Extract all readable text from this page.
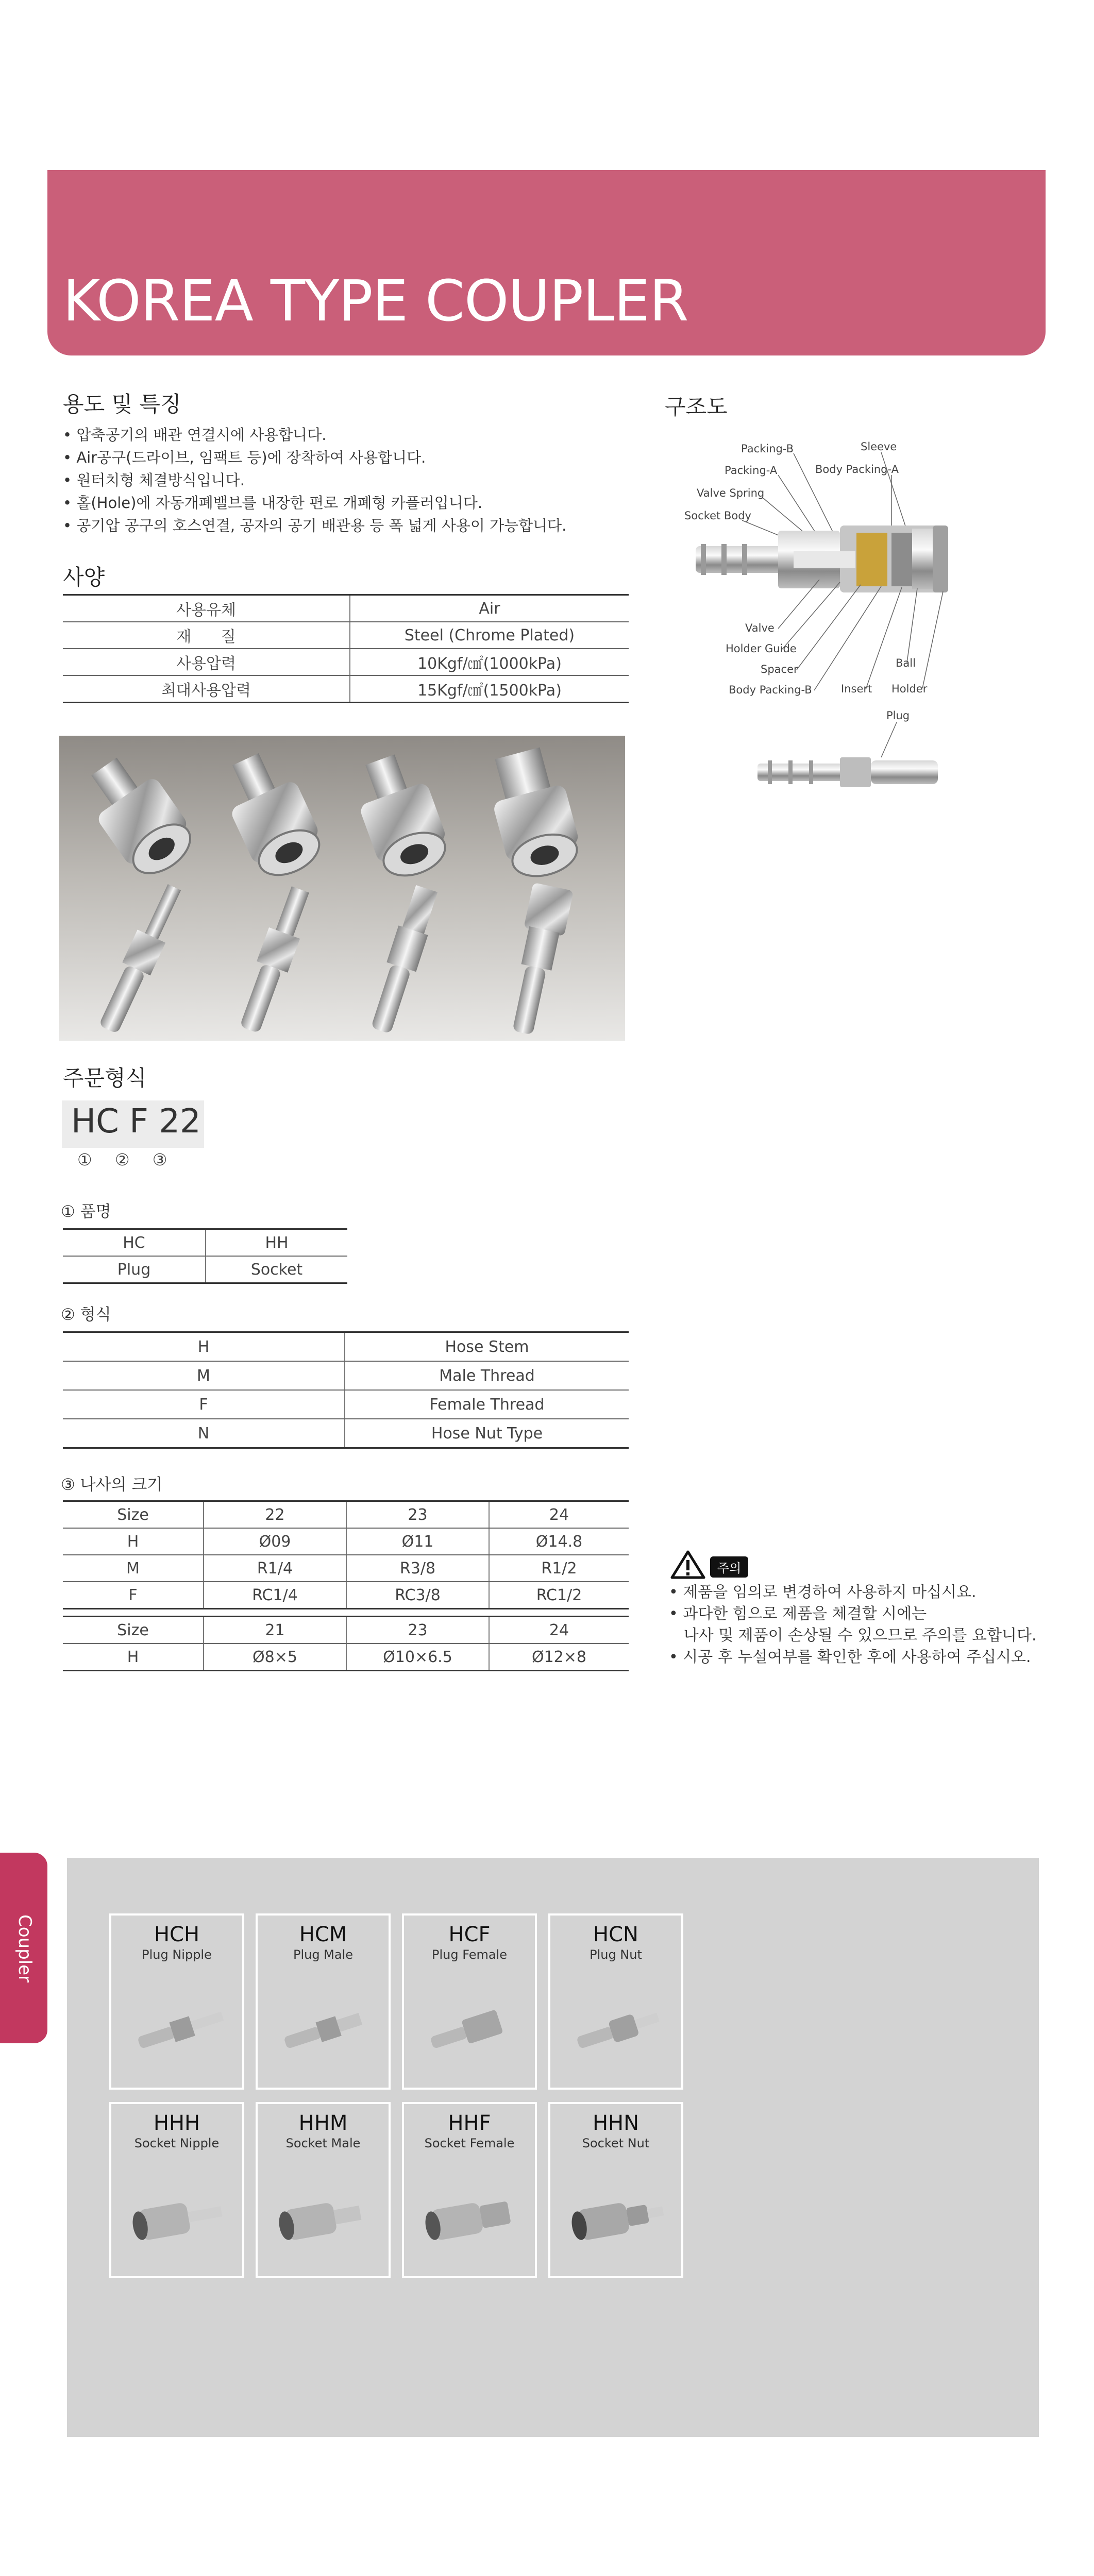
KOREA TYPE COUPLER
용도 및 특징
• 압축공기의 배관 연결시에 사용합니다.
• Air공구(드라이브, 임팩트 등)에 장착하여 사용합니다.
• 원터치형 체결방식입니다.
• 홀(Hole)에 자동개폐밸브를 내장한 편로 개폐형 카플러입니다.
• 공기압 공구의 호스연결, 공자의 공기 배관용 등 폭 넓게 사용이 가능합니다.
사양
사용유체	Air
재      질	Steel (Chrome Plated)
사용압력	10Kgf/㎠(1000kPa)
최대사용압력	15Kgf/㎠(1500kPa)
구조도
Packing-B	Sleeve
Packing-A	Body Packing-A
Valve Spring
Socket Body
Valve
Holder Guide
Spacer	Ball
Body Packing-B	Insert Holder
Plug
주문형식
HC F 22
① ② ③
① 품명
HC	HH
Plug	Socket
② 형식
H	Hose Stem
M	Male Thread
F	Female Thread
N	Hose Nut Type
③ 나사의 크기
Size	22	23	24
H	Ø09	Ø11	Ø14.8
M	R1/4	R3/8	R1/2
F	RC1/4	RC3/8	RC1/2
Size	21	23	24
H	Ø8×5	Ø10×6.5	Ø12×8
주의
• 제품을 임의로 변경하여 사용하지 마십시요.
• 과다한 힘으로 제품을 체결할 시에는
나사 및 제품이 손상될 수 있으므로 주의를 요합니다.
• 시공 후 누설여부를 확인한 후에 사용하여 주십시오.
Coupler	HCH
Plug Nipple
HCM
Plug Male
HCF
Plug Female
HCN
Plug Nut
HHH
Socket Nipple
HHM
Socket Male
HHF
Socket Female
HHN
Socket Nut
